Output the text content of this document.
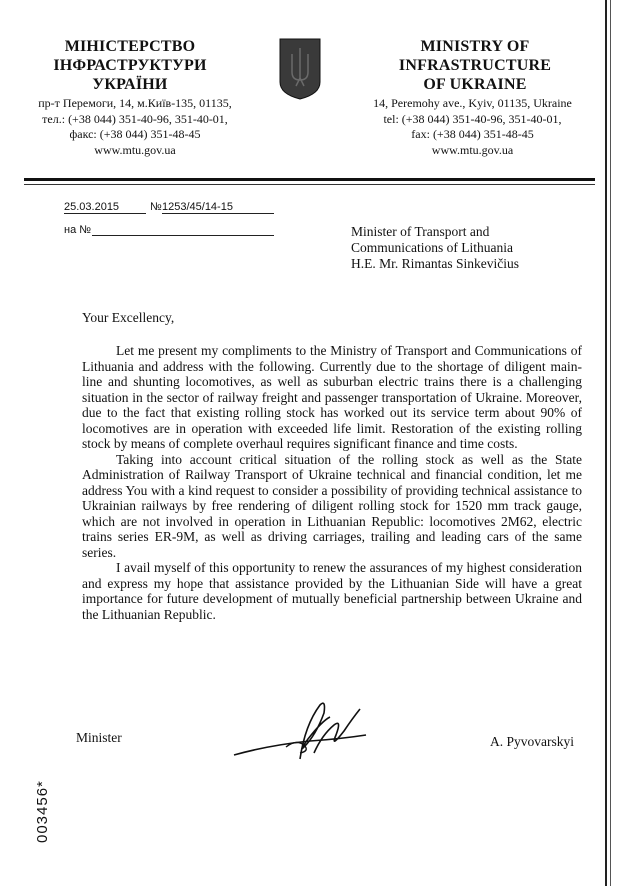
МІНІСТЕРСТВО
ІНФРАСТРУКТУРИ
УКРАЇНИ
пр-т Перемоги, 14, м.Київ-135, 01135,
тел.: (+38 044) 351-40-96, 351-40-01,
факс: (+38 044) 351-48-45
www.mtu.gov.ua
MINISTRY OF
INFRASTRUCTURE
OF UKRAINE
14, Peremohy ave., Kyiv, 01135, Ukraine
tel: (+38 044) 351-40-96, 351-40-01,
fax: (+38 044) 351-48-45
www.mtu.gov.ua
25.03.2015	№ 1253/45/14-15
на №	Minister of Transport and
Communications of Lithuania
H.E. Mr. Rimantas Sinkevičius
Your Excellency,

Let me present my compliments to the Ministry of Transport and Communications of Lithuania and address with the following. Currently due to the shortage of diligent main-line and shunting locomotives, as well as suburban electric trains there is a challenging situation in the sector of railway freight and passenger transportation of Ukraine. Moreover, due to the fact that existing rolling stock has worked out its service term about 90% of locomotives are in operation with exceeded life limit. Restoration of the existing rolling stock by means of complete overhaul requires significant finance and time costs.

Taking into account critical situation of the rolling stock as well as the State Administration of Railway Transport of Ukraine technical and financial condition, let me address You with a kind request to consider a possibility of providing technical assistance to Ukrainian railways by free rendering of diligent rolling stock for 1520 mm track gauge, which are not involved in operation in Lithuanian Republic: locomotives 2M62, electric trains series ER-9M, as well as driving carriages, trailing and leading cars of the same series.

I avail myself of this opportunity to renew the assurances of my highest consideration and express my hope that assistance provided by the Lithuanian Side will have a great importance for future development of mutually beneficial partnership between Ukraine and the Lithuanian Republic.

Minister	A. Pyvovarskyi
003456*
